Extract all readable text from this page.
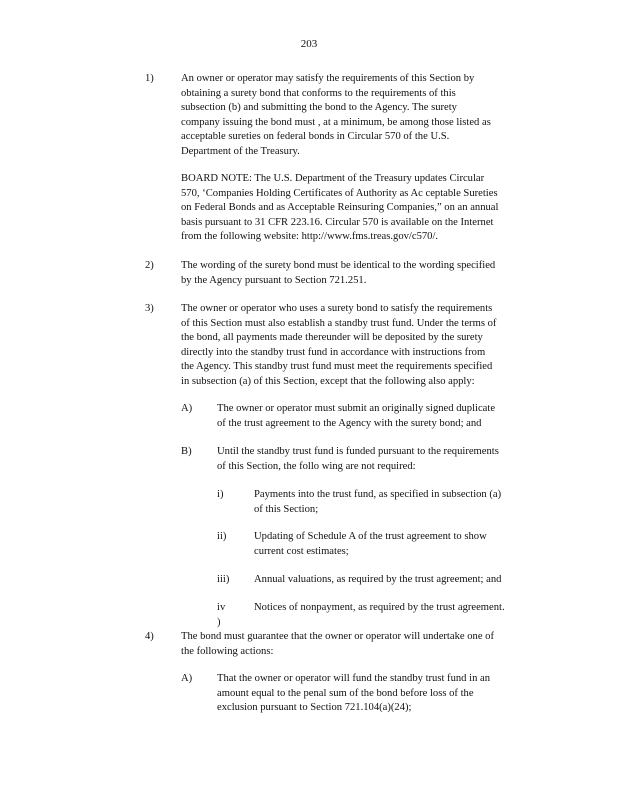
203
1)	An owner or operator may satisfy the requirements of this Section by
obtaining a surety bond that conforms to the requirements of this
subsection (b) and submitting the bond to the Agency. The surety
company issuing the bond must , at a minimum, be among those listed as
acceptable sureties on federal bonds in Circular 570 of the U.S.
Department of the Treasury.
BOARD NOTE: The U.S. Department of the Treasury updates Circular
570, ‘Companies Holding Certificates of Authority as Ac ceptable Sureties
on Federal Bonds and as Acceptable Reinsuring Companies,” on an annual
basis pursuant to 31 CFR 223.16. Circular 570 is available on the Internet
from the following website: http://www.fms.treas.gov/c570/.
2)	The wording of the surety bond must be identical to the wording specified
by the Agency pursuant to Section 721.251.
3)	The owner or operator who uses a surety bond to satisfy the requirements
of this Section must also establish a standby trust fund. Under the terms of
the bond, all payments made thereunder will be deposited by the surety
directly into the standby trust fund in accordance with instructions from
the Agency. This standby trust fund must meet the requirements specified
in subsection (a) of this Section, except that the following also apply:
A) The owner or operator must submit an originally signed duplicate
of the trust agreement to the Agency with the surety bond; and
B) Until the standby trust fund is funded pursuant to the requirements
of this Section, the follo wing are not required:
i)	Payments into the trust fund, as specified in subsection (a)
of this Section;
ii)	Updating of Schedule A of the trust agreement to show
current cost estimates;
iii) Annual valuations, as required by the trust agreement; and
iv )
Notices of nonpayment, as required by the trust agreement.
4)	The bond must guarantee that the owner or operator will undertake one of
the following actions:
A) That the owner or operator will fund the standby trust fund in an
amount equal to the penal sum of the bond before loss of the
exclusion pursuant to Section 721.104(a)(24);
